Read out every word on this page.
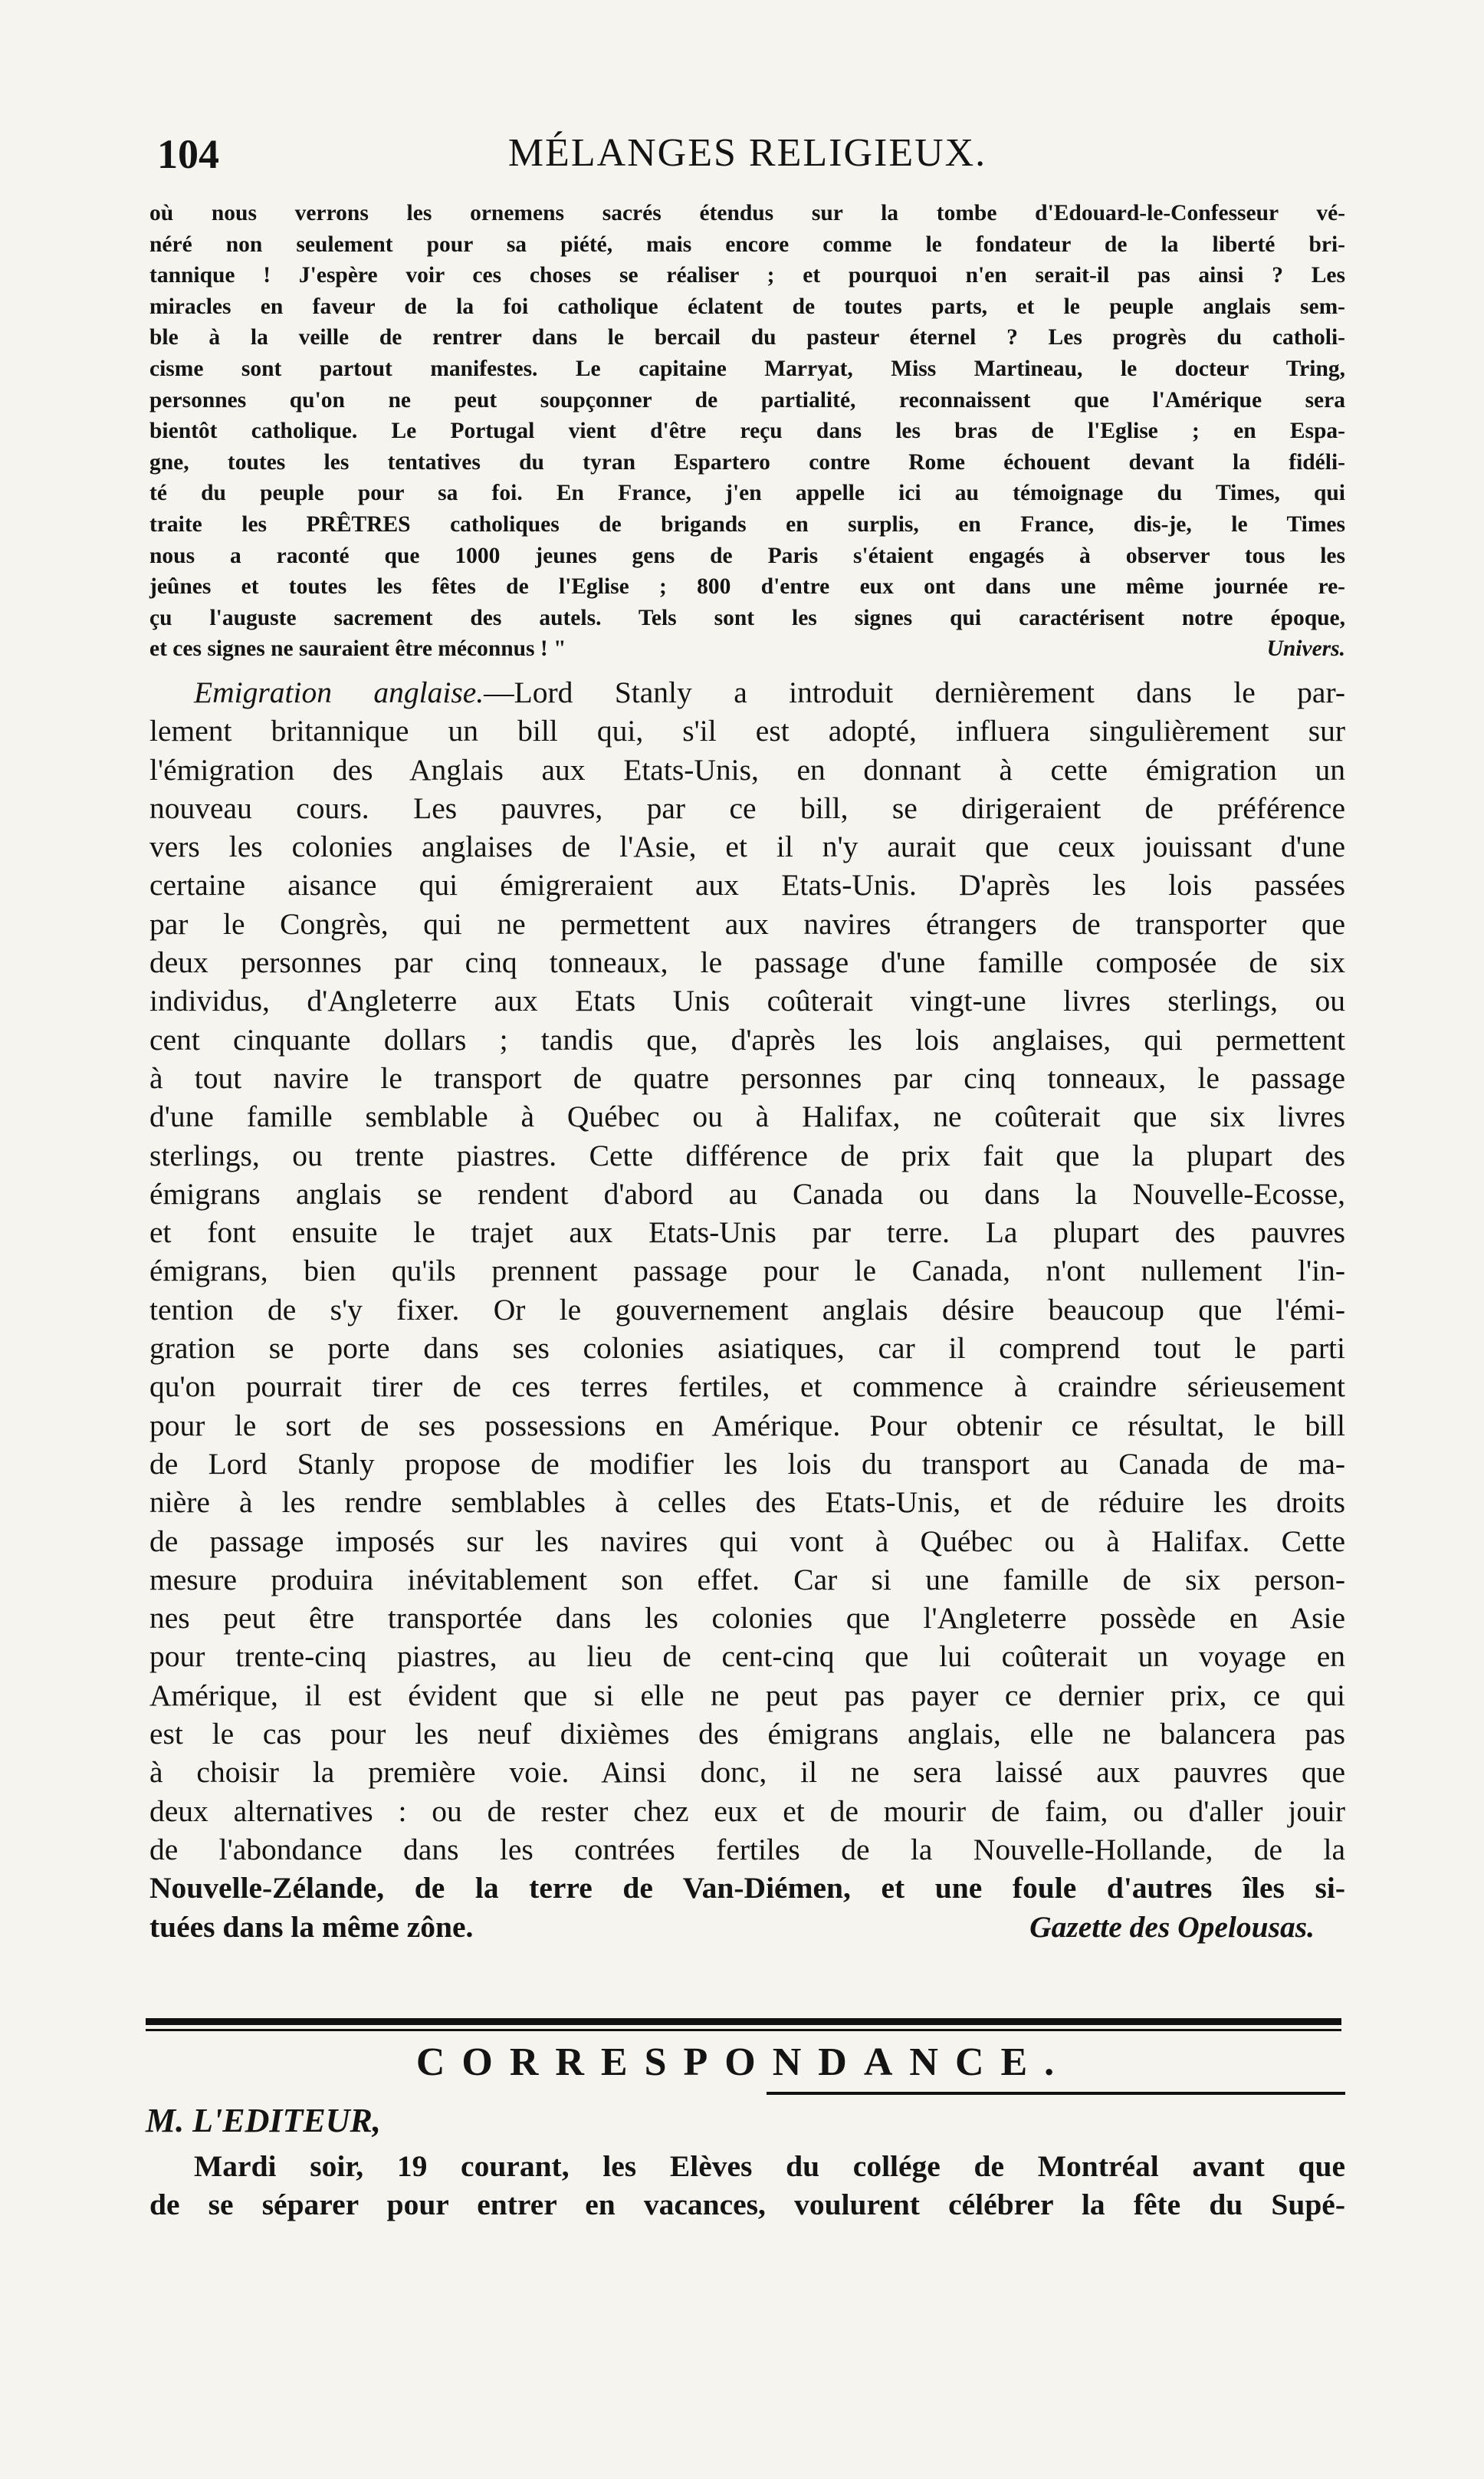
104	MÉLANGES RELIGIEUX.
où nous verrons les ornemens sacrés étendus sur la tombe d'Edouard-le-Confesseur vé-
néré non seulement pour sa piété, mais encore comme le fondateur de la liberté bri-
tannique ! J'espère voir ces choses se réaliser ; et pourquoi n'en serait-il pas ainsi ? Les
miracles en faveur de la foi catholique éclatent de toutes parts, et le peuple anglais sem-
ble à la veille de rentrer dans le bercail du pasteur éternel ? Les progrès du catholi-
cisme sont partout manifestes. Le capitaine Marryat, Miss Martineau, le docteur Tring,
personnes qu'on ne peut soupçonner de partialité, reconnaissent que l'Amérique sera
bientôt catholique. Le Portugal vient d'être reçu dans les bras de l'Eglise ; en Espa-
gne, toutes les tentatives du tyran Espartero contre Rome échouent devant la fidéli-
té du peuple pour sa foi. En France, j'en appelle ici au témoignage du Times, qui
traite les PRÊTRES catholiques de brigands en surplis, en France, dis-je, le Times
nous a raconté que 1000 jeunes gens de Paris s'étaient engagés à observer tous les
jeûnes et toutes les fêtes de l'Eglise ; 800 d'entre eux ont dans une même journée re-
çu l'auguste sacrement des autels. Tels sont les signes qui caractérisent notre époque,
et ces signes ne sauraient être méconnus ! "	Univers.
Emigration anglaise.—Lord Stanly a introduit dernièrement dans le par-
lement britannique un bill qui, s'il est adopté, influera singulièrement sur
l'émigration des Anglais aux Etats-Unis, en donnant à cette émigration un
nouveau cours. Les pauvres, par ce bill, se dirigeraient de préférence
vers les colonies anglaises de l'Asie, et il n'y aurait que ceux jouissant d'une
certaine aisance qui émigreraient aux Etats-Unis. D'après les lois passées
par le Congrès, qui ne permettent aux navires étrangers de transporter que
deux personnes par cinq tonneaux, le passage d'une famille composée de six
individus, d'Angleterre aux Etats Unis coûterait vingt-une livres sterlings, ou
cent cinquante dollars ; tandis que, d'après les lois anglaises, qui permettent
à tout navire le transport de quatre personnes par cinq tonneaux, le passage
d'une famille semblable à Québec ou à Halifax, ne coûterait que six livres
sterlings, ou trente piastres. Cette différence de prix fait que la plupart des
émigrans anglais se rendent d'abord au Canada ou dans la Nouvelle-Ecosse,
et font ensuite le trajet aux Etats-Unis par terre. La plupart des pauvres
émigrans, bien qu'ils prennent passage pour le Canada, n'ont nullement l'in-
tention de s'y fixer. Or le gouvernement anglais désire beaucoup que l'émi-
gration se porte dans ses colonies asiatiques, car il comprend tout le parti
qu'on pourrait tirer de ces terres fertiles, et commence à craindre sérieusement
pour le sort de ses possessions en Amérique. Pour obtenir ce résultat, le bill
de Lord Stanly propose de modifier les lois du transport au Canada de ma-
nière à les rendre semblables à celles des Etats-Unis, et de réduire les droits
de passage imposés sur les navires qui vont à Québec ou à Halifax. Cette
mesure produira inévitablement son effet. Car si une famille de six person-
nes peut être transportée dans les colonies que l'Angleterre possède en Asie
pour trente-cinq piastres, au lieu de cent-cinq que lui coûterait un voyage en
Amérique, il est évident que si elle ne peut pas payer ce dernier prix, ce qui
est le cas pour les neuf dixièmes des émigrans anglais, elle ne balancera pas
à choisir la première voie. Ainsi donc, il ne sera laissé aux pauvres que
deux alternatives : ou de rester chez eux et de mourir de faim, ou d'aller jouir
de l'abondance dans les contrées fertiles de la Nouvelle-Hollande, de la
Nouvelle-Zélande, de la terre de Van-Diémen, et une foule d'autres îles si-
tuées dans la même zône.	Gazette des Opelousas.
CORRESPONDANCE.
M. L'EDITEUR,
Mardi soir, 19 courant, les Elèves du collége de Montréal avant que
de se séparer pour entrer en vacances, voulurent célébrer la fête du Supé-
